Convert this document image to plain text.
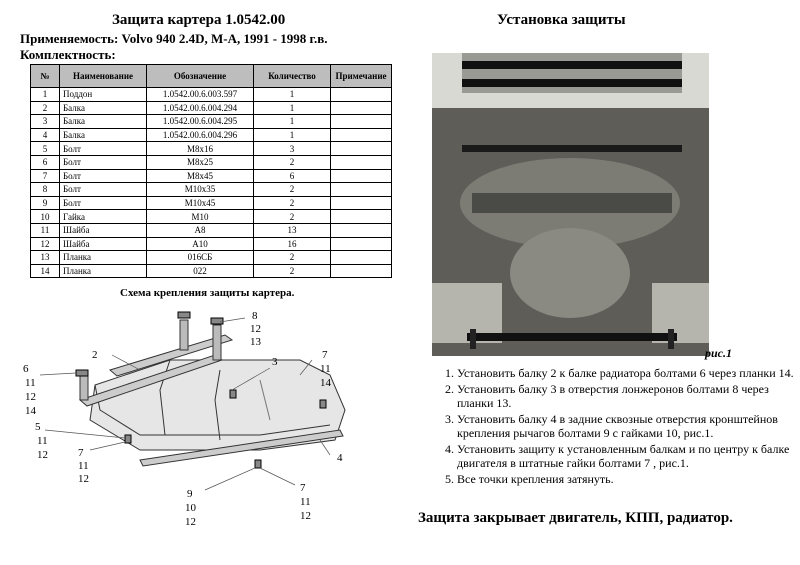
Защита картера 1.0542.00
Применяемость: Volvo 940 2.4D, M-A, 1991 - 1998 г.в.
Комплектность:
№	Наименование	Обозначение	Количество	Примечание
1	Поддон	1.0542.00.6.003.597	1	
2	Балка	1.0542.00.6.004.294	1	
3	Балка	1.0542.00.6.004.295	1	
4	Балка	1.0542.00.6.004.296	1	
5	Болт	M8x16	3	
6	Болт	M8x25	2	
7	Болт	M8x45	6	
8	Болт	M10x35	2	
9	Болт	M10x45	2	
10	Гайка	M10	2	
11	Шайба	A8	13	
12	Шайба	A10	16	
13	Планка	016СБ	2	
14	Планка	022	2	
Схема крепления защиты картера.
8
12
13
2
3
7
11
14
6
11
12
14
5
11
12	7
11
12
4
9
10
12
7
11
12
Установка защиты
рис.1
1. Установить балку 2 к балке радиатора болтами 6 через планки 14.
2. Установить балку 3 в отверстия лонжеронов болтами 8 через планки 13.
3. Установить балку 4 в задние сквозные отверстия кронштейнов крепления рычагов болтами 9 с гайками 10, рис.1.
4. Установить защиту к установленным балкам и по центру к балке двигателя в штатные гайки болтами 7 , рис.1.
5. Все точки крепления затянуть.
Защита закрывает двигатель, КПП, радиатор.
